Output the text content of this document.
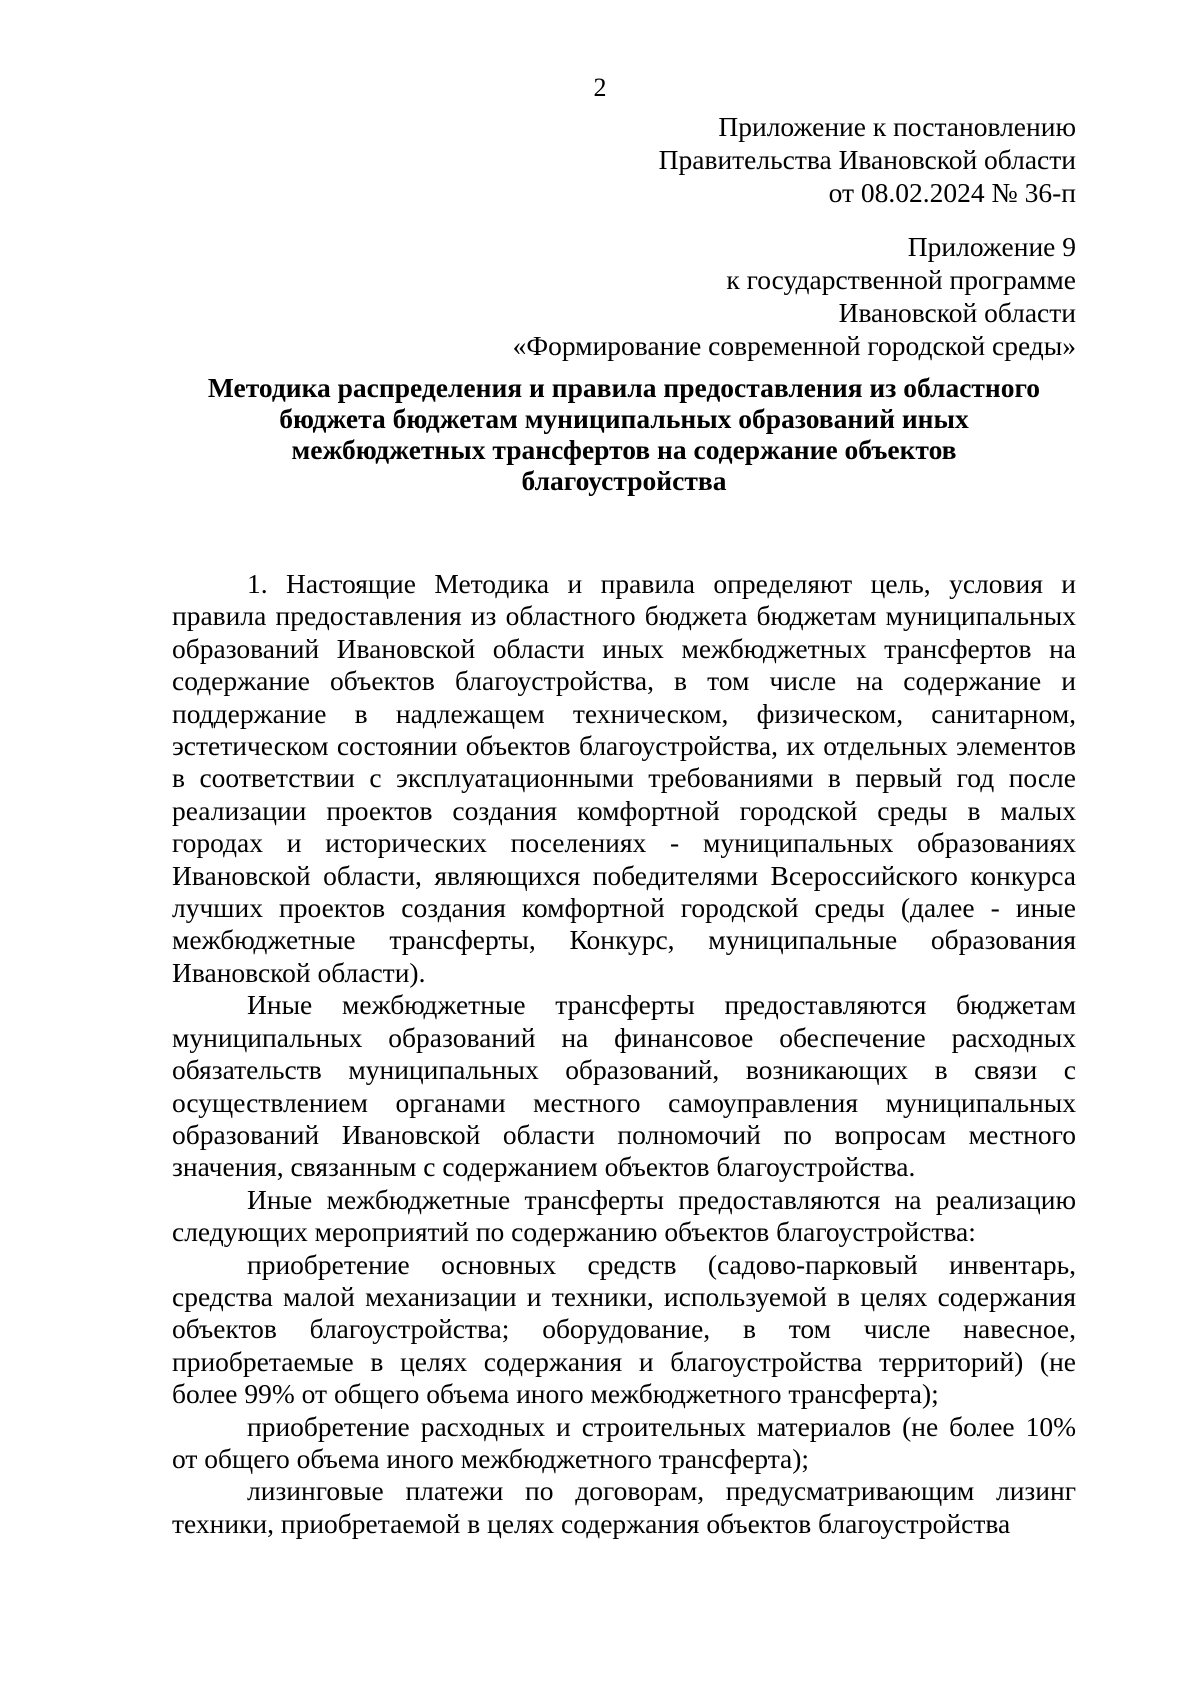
2
Приложение к постановлению
Правительства Ивановской области
от 08.02.2024 № 36-п
Приложение 9
к государственной программе
Ивановской области
«Формирование современной городской среды»
Методика распределения и правила предоставления из областного
бюджета бюджетам муниципальных образований иных
межбюджетных трансфертов на содержание объектов
благоустройства

1. Настоящие Методика и правила определяют цель, условия и правила предоставления из областного бюджета бюджетам муниципальных образований Ивановской области иных межбюджетных трансфертов на содержание объектов благоустройства, в том числе на содержание и поддержание в надлежащем техническом, физическом, санитарном, эстетическом состоянии объектов благоустройства, их отдельных элементов в соответствии с эксплуатационными требованиями в первый год после реализации проектов создания комфортной городской среды в малых городах и исторических поселениях - муниципальных образованиях Ивановской области, являющихся победителями Всероссийского конкурса лучших проектов создания комфортной городской среды (далее - иные межбюджетные трансферты, Конкурс, муниципальные образования Ивановской области).

Иные межбюджетные трансферты предоставляются бюджетам муниципальных образований на финансовое обеспечение расходных обязательств муниципальных образований, возникающих в связи с осуществлением органами местного самоуправления муниципальных образований Ивановской области полномочий по вопросам местного значения, связанным с содержанием объектов благоустройства.

Иные межбюджетные трансферты предоставляются на реализацию следующих мероприятий по содержанию объектов благоустройства:

приобретение основных средств (садово-парковый инвентарь, средства малой механизации и техники, используемой в целях содержания объектов благоустройства; оборудование, в том числе навесное, приобретаемые в целях содержания и благоустройства территорий) (не более 99% от общего объема иного межбюджетного трансферта);

приобретение расходных и строительных материалов (не более 10% от общего объема иного межбюджетного трансферта);

лизинговые платежи по договорам, предусматривающим лизинг техники, приобретаемой в целях содержания объектов благоустройства
